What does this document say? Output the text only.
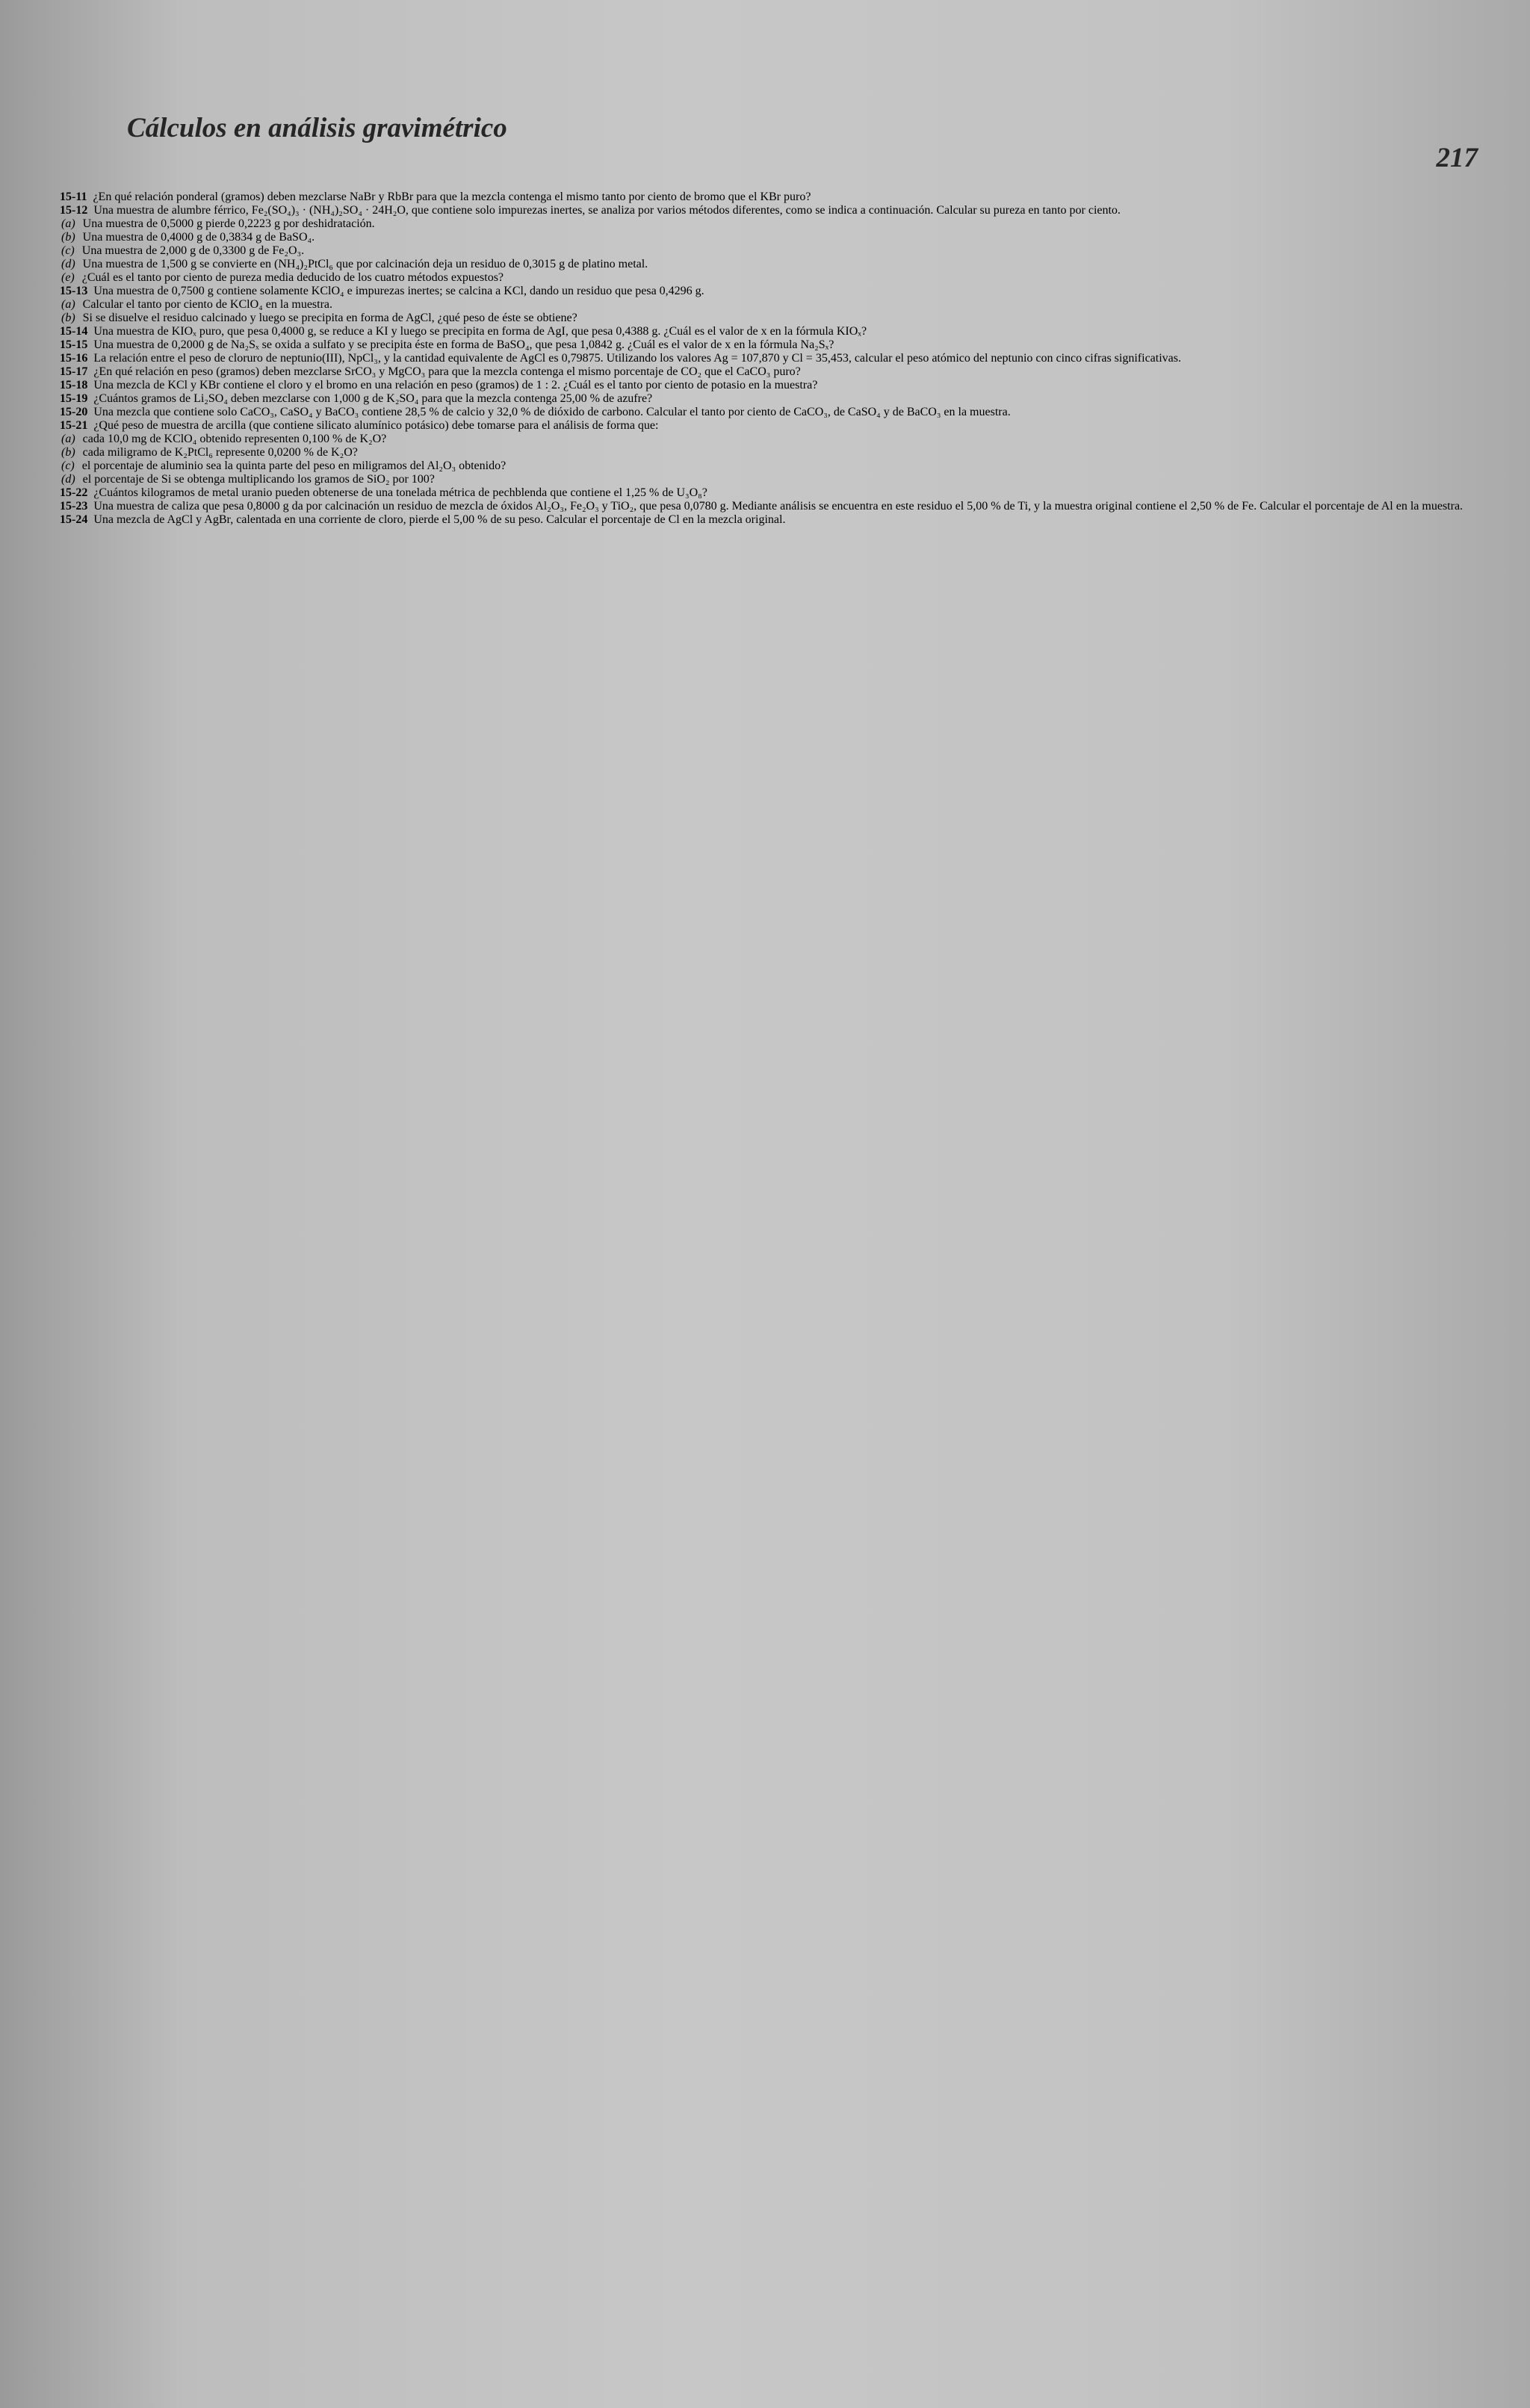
Cálculos en análisis gravimétrico
217

15-11  ¿En qué relación ponderal (gramos) deben mezclarse NaBr y RbBr para que la mezcla contenga el mismo tanto por ciento de bromo que el KBr puro?

15-12  Una muestra de alumbre férrico, Fe₂(SO₄)₃ · (NH₄)₂SO₄ · 24H₂O, que contiene solo impurezas inertes, se analiza por varios métodos diferentes, como se indica a continuación. Calcular su pureza en tanto por ciento.

(a) Una muestra de 0,5000 g pierde 0,2223 g por deshidratación.

(b) Una muestra de 0,4000 g de 0,3834 g de BaSO₄.

(c) Una muestra de 2,000 g de 0,3300 g de Fe₂O₃.

(d) Una muestra de 1,500 g se convierte en (NH₄)₂PtCl₆ que por calcinación deja un residuo de 0,3015 g de platino metal.

(e) ¿Cuál es el tanto por ciento de pureza media deducido de los cuatro métodos expuestos?

15-13  Una muestra de 0,7500 g contiene solamente KClO₄ e impurezas inertes; se calcina a KCl, dando un residuo que pesa 0,4296 g.

(a) Calcular el tanto por ciento de KClO₄ en la muestra.

(b) Si se disuelve el residuo calcinado y luego se precipita en forma de AgCl, ¿qué peso de éste se obtiene?

15-14  Una muestra de KIOₓ puro, que pesa 0,4000 g, se reduce a KI y luego se precipita en forma de AgI, que pesa 0,4388 g. ¿Cuál es el valor de x en la fórmula KIOₓ?

15-15  Una muestra de 0,2000 g de Na₂Sₓ se oxida a sulfato y se precipita éste en forma de BaSO₄, que pesa 1,0842 g. ¿Cuál es el valor de x en la fórmula Na₂Sₓ?

15-16  La relación entre el peso de cloruro de neptunio(III), NpCl₃, y la cantidad equivalente de AgCl es 0,79875. Utilizando los valores Ag = 107,870 y Cl = 35,453, calcular el peso atómico del neptunio con cinco cifras significativas.

15-17  ¿En qué relación en peso (gramos) deben mezclarse SrCO₃ y MgCO₃ para que la mezcla contenga el mismo porcentaje de CO₂ que el CaCO₃ puro?

15-18  Una mezcla de KCl y KBr contiene el cloro y el bromo en una relación en peso (gramos) de 1 : 2. ¿Cuál es el tanto por ciento de potasio en la muestra?

15-19  ¿Cuántos gramos de Li₂SO₄ deben mezclarse con 1,000 g de K₂SO₄ para que la mezcla contenga 25,00 % de azufre?

15-20  Una mezcla que contiene solo CaCO₃, CaSO₄ y BaCO₃ contiene 28,5 % de calcio y 32,0 % de dióxido de carbono. Calcular el tanto por ciento de CaCO₃, de CaSO₄ y de BaCO₃ en la muestra.

15-21  ¿Qué peso de muestra de arcilla (que contiene silicato alumínico potásico) debe tomarse para el análisis de forma que:

(a) cada 10,0 mg de KClO₄ obtenido representen 0,100 % de K₂O?

(b) cada miligramo de K₂PtCl₆ represente 0,0200 % de K₂O?

(c) el porcentaje de aluminio sea la quinta parte del peso en miligramos del Al₂O₃ obtenido?

(d) el porcentaje de Si se obtenga multiplicando los gramos de SiO₂ por 100?

15-22  ¿Cuántos kilogramos de metal uranio pueden obtenerse de una tonelada métrica de pechblenda que contiene el 1,25 % de U₃O₈?

15-23  Una muestra de caliza que pesa 0,8000 g da por calcinación un residuo de mezcla de óxidos Al₂O₃, Fe₂O₃ y TiO₂, que pesa 0,0780 g. Mediante análisis se encuentra en este residuo el 5,00 % de Ti, y la muestra original contiene el 2,50 % de Fe. Calcular el porcentaje de Al en la muestra.

15-24  Una mezcla de AgCl y AgBr, calentada en una corriente de cloro, pierde el 5,00 % de su peso. Calcular el porcentaje de Cl en la mezcla original.
